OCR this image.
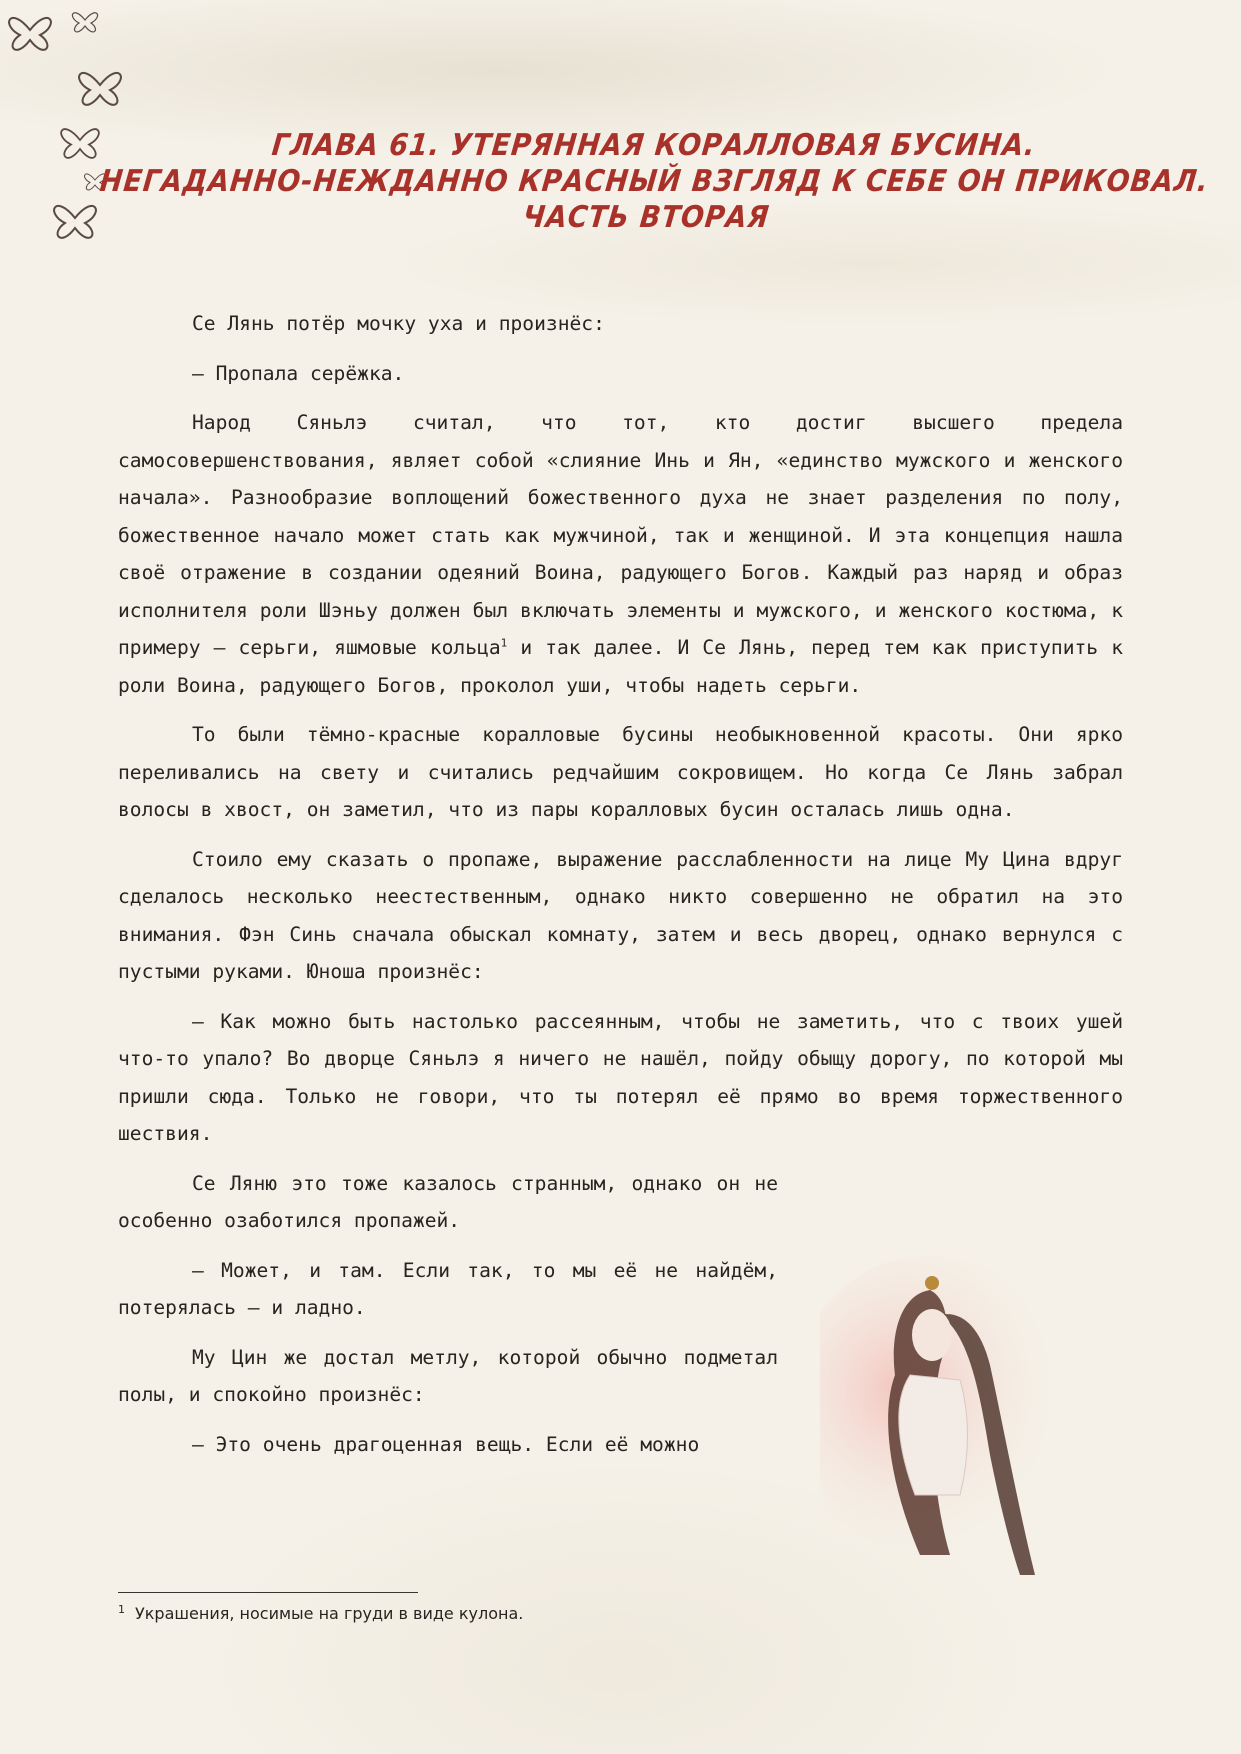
ГЛАВА 61. УТЕРЯННАЯ КОРАЛЛОВАЯ БУСИНА.
НЕГАДАННО-НЕЖДАННО КРАСНЫЙ ВЗГЛЯД К СЕБЕ ОН ПРИКОВАЛ.
ЧАСТЬ ВТОРАЯ

Се Лянь потёр мочку уха и произнёс:

— Пропала серёжка.

Народ Сяньлэ считал, что тот, кто достиг высшего предела самосовершенствования, являет собой «слияние Инь и Ян, «единство мужского и женского начала». Разнообразие воплощений божественного духа не знает разделения по полу, божественное начало может стать как мужчиной, так и женщиной. И эта концепция нашла своё отражение в создании одеяний Воина, радующего Богов. Каждый раз наряд и образ исполнителя роли Шэньу должен был включать элементы и мужского, и женского костюма, к примеру — серьги, яшмовые кольца$^1$ и так далее. И Се Лянь, перед тем как приступить к роли Воина, радующего Богов, проколол уши, чтобы надеть серьги.

То были тёмно-красные коралловые бусины необыкновенной красоты. Они ярко переливались на свету и считались редчайшим сокровищем. Но когда Се Лянь забрал волосы в хвост, он заметил, что из пары коралловых бусин осталась лишь одна.

Стоило ему сказать о пропаже, выражение расслабленности на лице Му Цина вдруг сделалось несколько неестественным, однако никто совершенно не обратил на это внимания. Фэн Синь сначала обыскал комнату, затем и весь дворец, однако вернулся с пустыми руками. Юноша произнёс:

— Как можно быть настолько рассеянным, чтобы не заметить, что с твоих ушей что-то упало? Во дворце Сяньлэ я ничего не нашёл, пойду обыщу дорогу, по которой мы пришли сюда. Только не говори, что ты потерял её прямо во время торжественного шествия.

Се Ляню это тоже казалось странным, однако он не особенно озаботился пропажей.

— Может, и там. Если так, то мы её не найдём, потерялась — и ладно.

Му Цин же достал метлу, которой обычно подметал полы, и спокойно произнёс:

— Это очень драгоценная вещь. Если её можно

$^1$ Украшения, носимые на груди в виде кулона.
